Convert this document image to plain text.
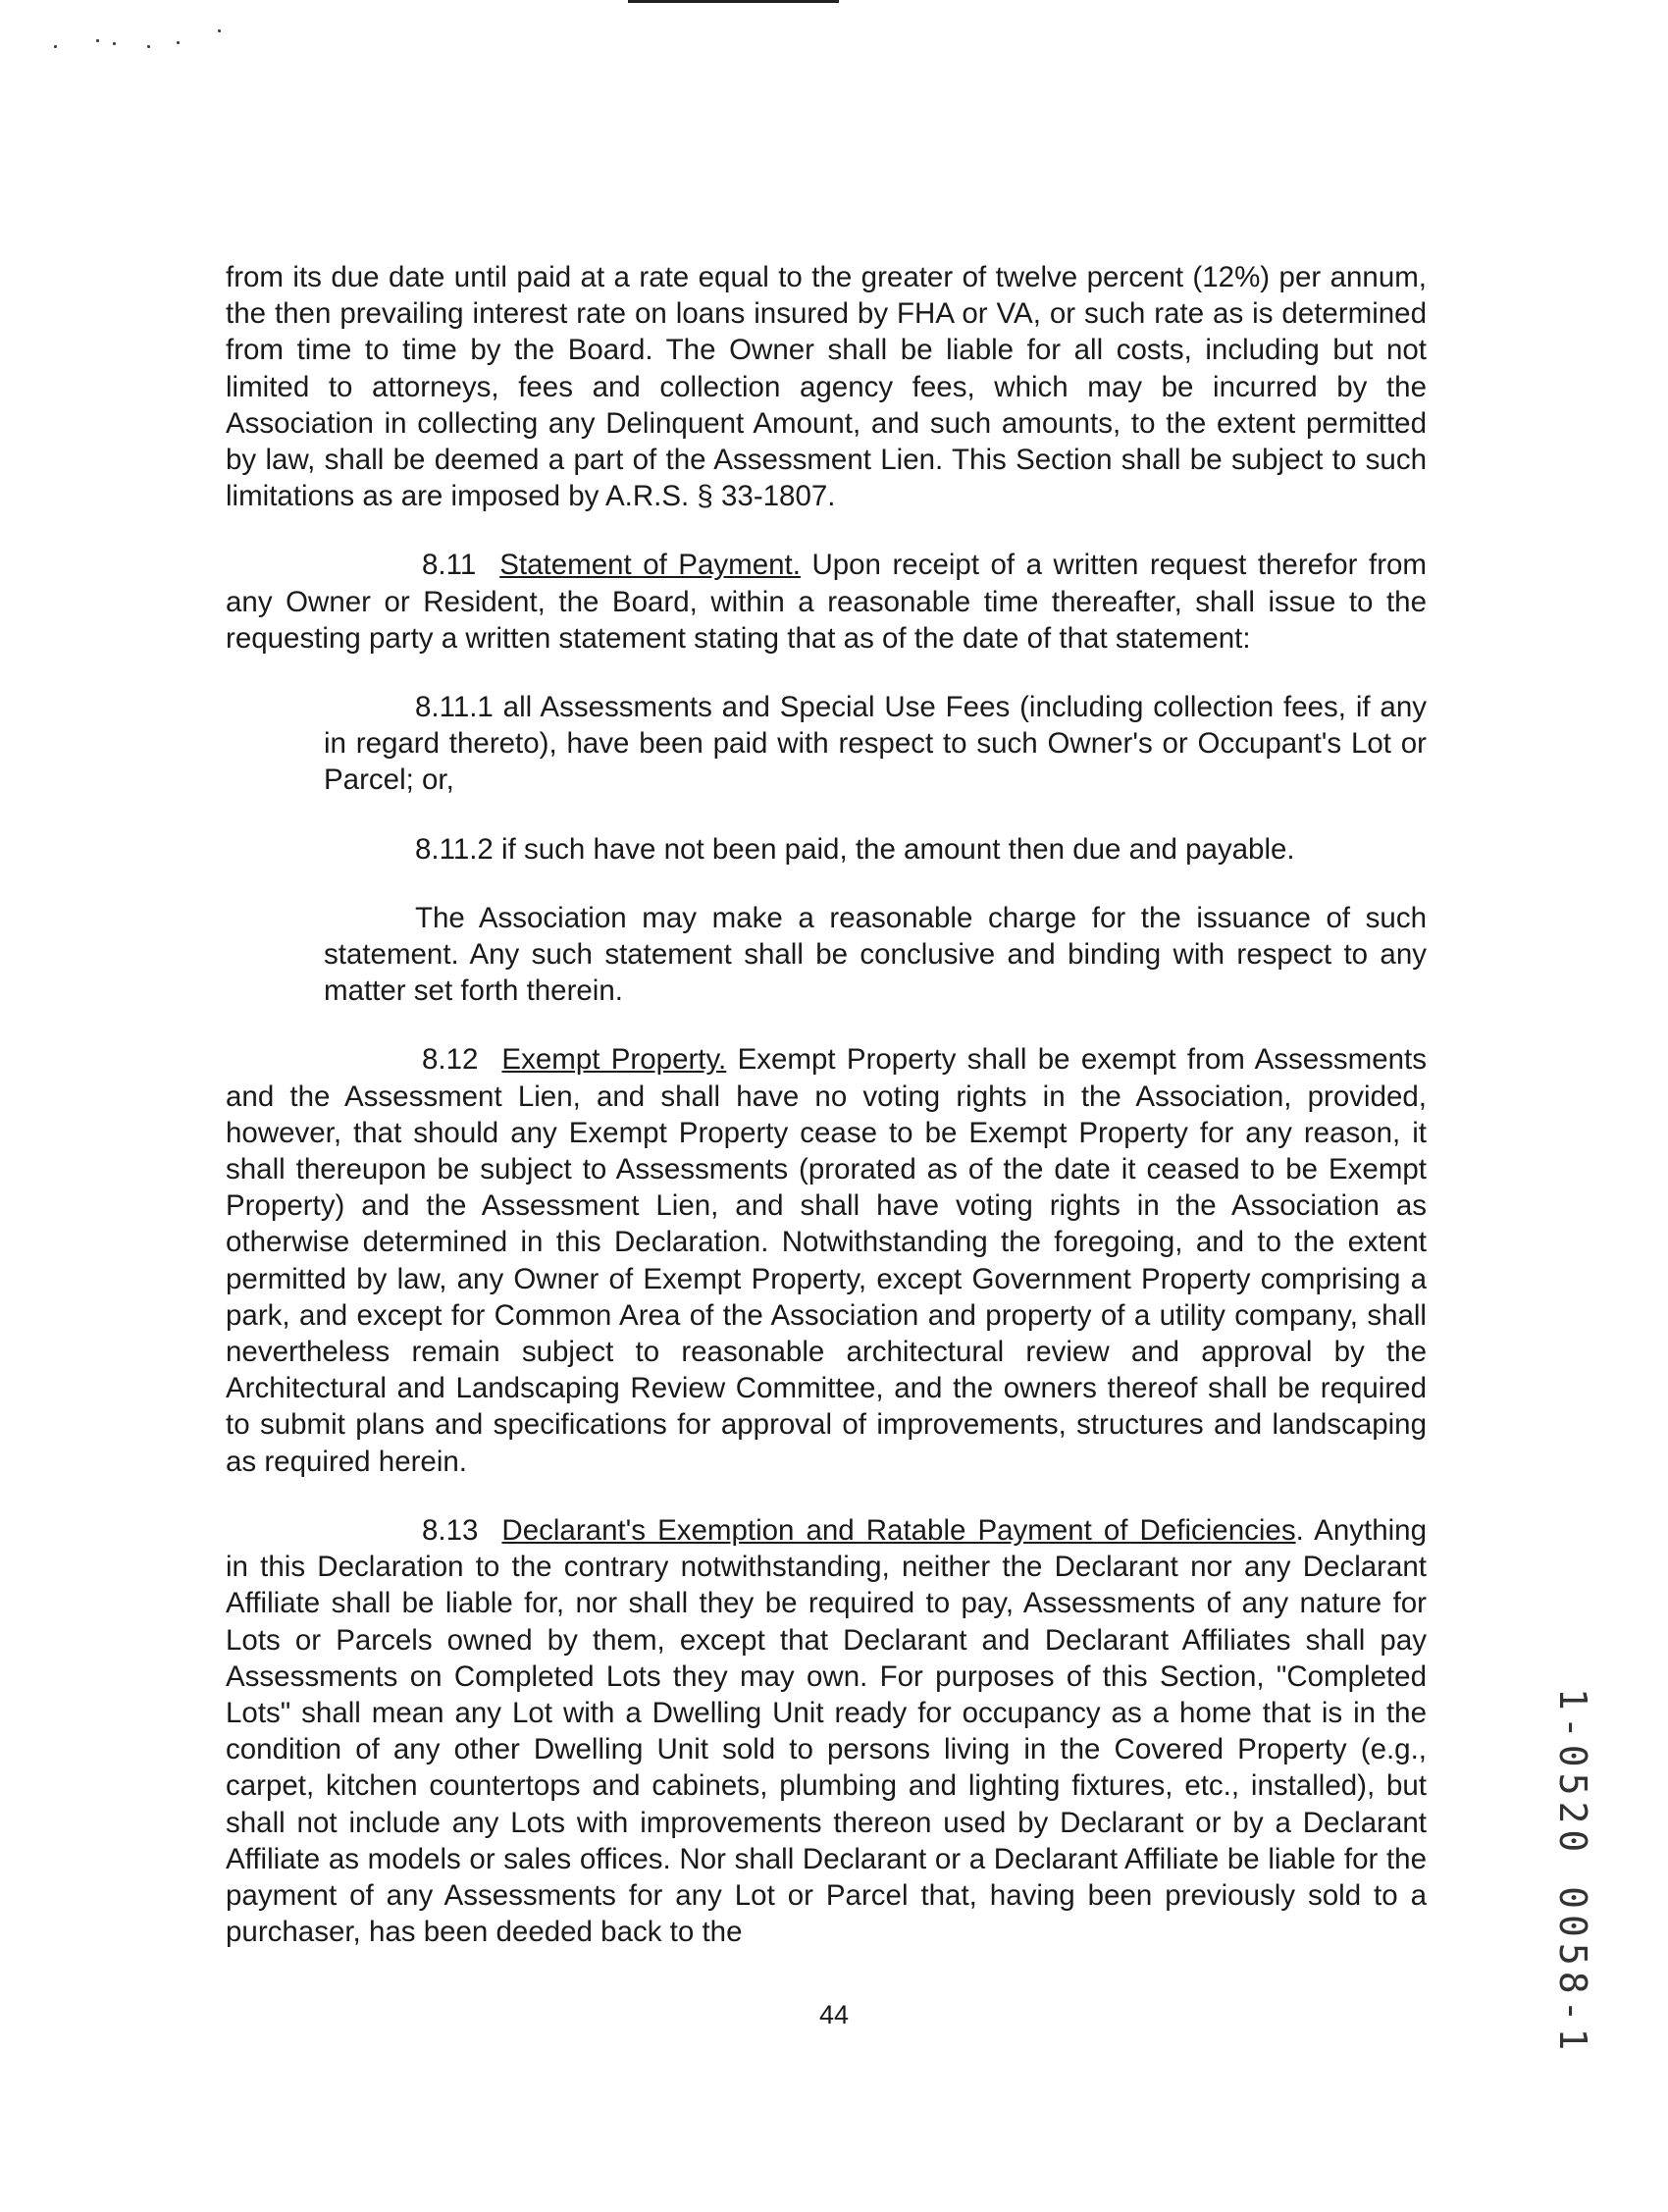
from its due date until paid at a rate equal to the greater of twelve percent (12%) per annum, the then prevailing interest rate on loans insured by FHA or VA, or such rate as is determined from time to time by the Board. The Owner shall be liable for all costs, including but not limited to attorneys, fees and collection agency fees, which may be incurred by the Association in collecting any Delinquent Amount, and such amounts, to the extent permitted by law, shall be deemed a part of the Assessment Lien. This Section shall be subject to such limitations as are imposed by A.R.S. § 33-1807.

8.11 Statement of Payment. Upon receipt of a written request therefor from any Owner or Resident, the Board, within a reasonable time thereafter, shall issue to the requesting party a written statement stating that as of the date of that statement:

8.11.1 all Assessments and Special Use Fees (including collection fees, if any in regard thereto), have been paid with respect to such Owner's or Occupant's Lot or Parcel; or,

8.11.2 if such have not been paid, the amount then due and payable.

The Association may make a reasonable charge for the issuance of such statement. Any such statement shall be conclusive and binding with respect to any matter set forth therein.

8.12 Exempt Property. Exempt Property shall be exempt from Assessments and the Assessment Lien, and shall have no voting rights in the Association, provided, however, that should any Exempt Property cease to be Exempt Property for any reason, it shall thereupon be subject to Assessments (prorated as of the date it ceased to be Exempt Property) and the Assessment Lien, and shall have voting rights in the Association as otherwise determined in this Declaration. Notwithstanding the foregoing, and to the extent permitted by law, any Owner of Exempt Property, except Government Property comprising a park, and except for Common Area of the Association and property of a utility company, shall nevertheless remain subject to reasonable architectural review and approval by the Architectural and Landscaping Review Committee, and the owners thereof shall be required to submit plans and specifications for approval of improvements, structures and landscaping as required herein.

8.13 Declarant's Exemption and Ratable Payment of Deficiencies. Anything in this Declaration to the contrary notwithstanding, neither the Declarant nor any Declarant Affiliate shall be liable for, nor shall they be required to pay, Assessments of any nature for Lots or Parcels owned by them, except that Declarant and Declarant Affiliates shall pay Assessments on Completed Lots they may own. For purposes of this Section, "Completed Lots" shall mean any Lot with a Dwelling Unit ready for occupancy as a home that is in the condition of any other Dwelling Unit sold to persons living in the Covered Property (e.g., carpet, kitchen countertops and cabinets, plumbing and lighting fixtures, etc., installed), but shall not include any Lots with improvements thereon used by Declarant or by a Declarant Affiliate as models or sales offices. Nor shall Declarant or a Declarant Affiliate be liable for the payment of any Assessments for any Lot or Parcel that, having been previously sold to a purchaser, has been deeded back to the

44	1-0520 0058-1
